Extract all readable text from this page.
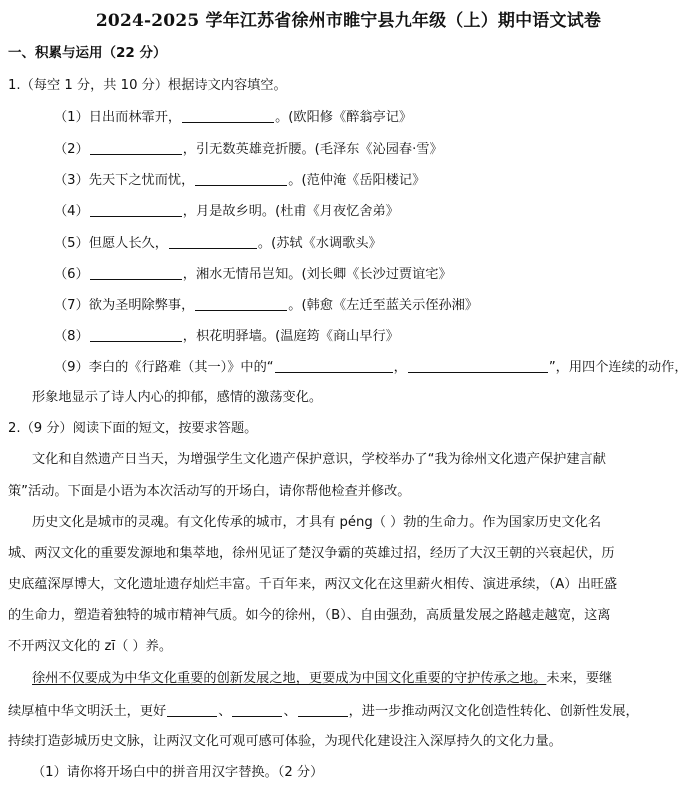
2024-2025 学年江苏省徐州市睢宁县九年级（上）期中语文试卷
一、积累与运用（22 分）
1.（每空 1 分，共 10 分）根据诗文内容填空。
（1）日出而林霏开，	。(欧阳修《醉翁亭记》
（2）	，引无数英雄竞折腰。(毛泽东《沁园春·雪》
（3）先天下之忧而忧，	。(范仲淹《岳阳楼记》
（4）	，月是故乡明。(杜甫《月夜忆舍弟》
（5）但愿人长久，	。(苏轼《水调歌头》
（6）	，湘水无情吊岂知。(刘长卿《长沙过贾谊宅》
（7）欲为圣明除弊事，	。(韩愈《左迁至蓝关示侄孙湘》
（8）	，枳花明驿墙。(温庭筠《商山早行》
（9）李白的《行路难（其一）》中的“	，	”，用四个连续的动作，
形象地显示了诗人内心的抑郁，感情的激荡变化。
2.（9 分）阅读下面的短文，按要求答题。
文化和自然遗产日当天，为增强学生文化遗产保护意识，学校举办了“我为徐州文化遗产保护建言献
策”活动。下面是小语为本次活动写的开场白，请你帮他检查并修改。
历史文化是城市的灵魂。有文化传承的城市，才具有 péng（ ）勃的生命力。作为国家历史文化名
城、两汉文化的重要发源地和集萃地，徐州见证了楚汉争霸的英雄过招，经历了大汉王朝的兴衰起伏，历
史底蕴深厚博大，文化遗址遗存灿烂丰富。千百年来，两汉文化在这里薪火相传、演进承续，（A）出旺盛
的生命力，塑造着独特的城市精神气质。如今的徐州，（B）、自由强劲，高质量发展之路越走越宽，这离
不开两汉文化的 zī（ ）养。
徐州不仅要成为中华文化重要的创新发展之地，更要成为中国文化重要的守护传承之地。未来，要继
续厚植中华文明沃土，更好	、	、	，进一步推动两汉文化创造性转化、创新性发展，
持续打造彭城历史文脉，让两汉文化可观可感可体验，为现代化建设注入深厚持久的文化力量。
（1）请你将开场白中的拼音用汉字替换。（2 分）
